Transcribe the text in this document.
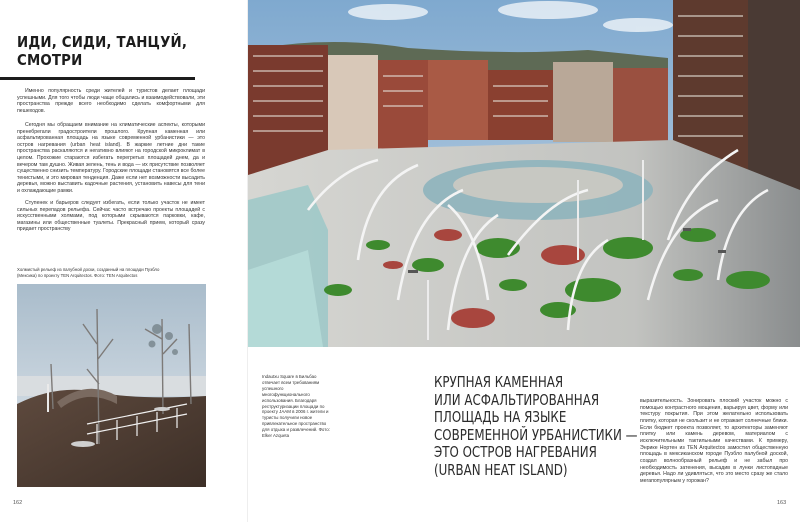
ИДИ, СИДИ, ТАНЦУЙ,
СМОТРИ

Именно популярность среди жителей и туристов делает площади успешными. Для того чтобы люди чаще общались и взаимодействовали, эти пространства прежде всего необходимо сделать комфортными для пешеходов.

Сегодня мы обращаем внимание на климатические аспекты, которыми пренебрегали градостроители прошлого. Крупная каменная или асфальтированная площадь на языке современной урбанистики — это остров нагревания (urban heat island). В жаркие летние дни такие пространства раскаляются и негативно влияют на городской микроклимат в целом. Прохожие стараются избегать перегретых площадей днем, да и вечером там душно. Живая зелень, тень и вода — их присутствие позволяет существенно снизить температуру. Городские площади становятся все более тенистыми, и это мировая тенденция. Даже если нет возможности высадить деревья, можно выставить кадочные растения, установить навесы для тени и охлаждающие рамки.

Ступенек и барьеров следует избегать, если только участок не имеет сильных перепадов рельефа. Сейчас часто встречаю проекты площадей с искусственными холмами, под которыми скрываются парковки, кафе, магазины или общественные туалеты. Прекрасный прием, который сразу придает пространству

Холмистый рельеф из палубной доски, созданный на площади Пуэбло (Мексика) по проекту TEN Arquitectos. Фото: TEN Arquitectos
162
Indautxu Square в Бильбао отвечает всем требованиям успешного многофункционального использования. Благодаря реструктуризации площади по проекту JAAM в 2006 г. жители и туристы получили новое привлекательное пространство для отдыха и развлечений. Фото: Elker Azqueta
КРУПНАЯ КАМЕННАЯ
ИЛИ АСФАЛЬТИРОВАННАЯ
ПЛОЩАДЬ НА ЯЗЫКЕ
СОВРЕМЕННОЙ УРБАНИСТИКИ —
ЭТО ОСТРОВ НАГРЕВАНИЯ
(URBAN HEAT ISLAND)
выразительность. Зонировать плоский участок можно с помощью контрастного мощения, варьируя цвет, форму или текстуру покрытия. При этом желательно использовать плитку, которая не скользит и не отражает солнечные блики. Если бюджет проекта позволяет, то архитекторы заменяют плитку или камень деревом, материалом с исключительными тактильными качествами. К примеру, Энрике Нортен из TEN Arquitectos замостил общественную площадь в мексиканском городе Пуэбло палубной доской, создал волнообразный рельеф и не забыл про необходимость затенения, высадив в лунки листопадные деревья. Надо ли удивляться, что это место сразу же стало мегапопулярным у горожан?
163
